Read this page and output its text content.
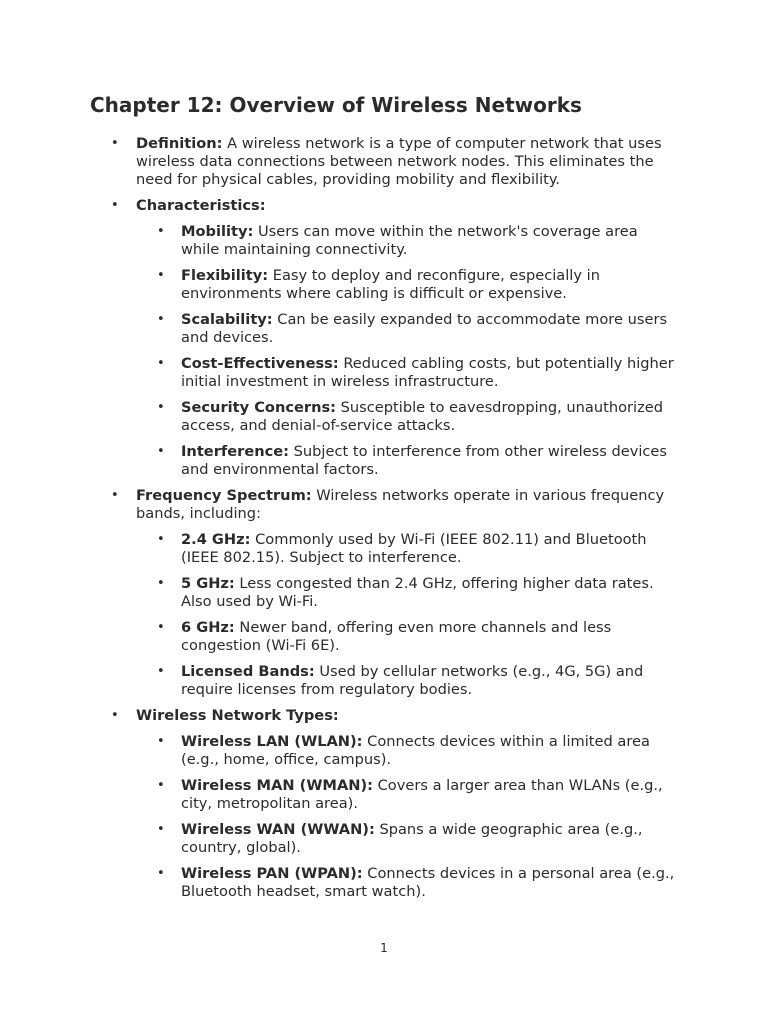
Chapter 12: Overview of Wireless Networks
• Definition: A wireless network is a type of computer network that uses wireless data connections between network nodes. This eliminates the need for physical cables, providing mobility and flexibility.
• Characteristics:
• Mobility: Users can move within the network's coverage area while maintaining connectivity.
• Flexibility: Easy to deploy and reconfigure, especially in environments where cabling is difficult or expensive.
• Scalability: Can be easily expanded to accommodate more users and devices.
• Cost-Effectiveness: Reduced cabling costs, but potentially higher initial investment in wireless infrastructure.
• Security Concerns: Susceptible to eavesdropping, unauthorized access, and denial-of-service attacks.
• Interference: Subject to interference from other wireless devices and environmental factors.
• Frequency Spectrum: Wireless networks operate in various frequency bands, including:
• 2.4 GHz: Commonly used by Wi-Fi (IEEE 802.11) and Bluetooth (IEEE 802.15). Subject to interference.
• 5 GHz: Less congested than 2.4 GHz, offering higher data rates. Also used by Wi-Fi.
• 6 GHz: Newer band, offering even more channels and less congestion (Wi-Fi 6E).
• Licensed Bands: Used by cellular networks (e.g., 4G, 5G) and require licenses from regulatory bodies.
• Wireless Network Types:
• Wireless LAN (WLAN): Connects devices within a limited area (e.g., home, office, campus).
• Wireless MAN (WMAN): Covers a larger area than WLANs (e.g., city, metropolitan area).
• Wireless WAN (WWAN): Spans a wide geographic area (e.g., country, global).
• Wireless PAN (WPAN): Connects devices in a personal area (e.g., Bluetooth headset, smart watch).
1
